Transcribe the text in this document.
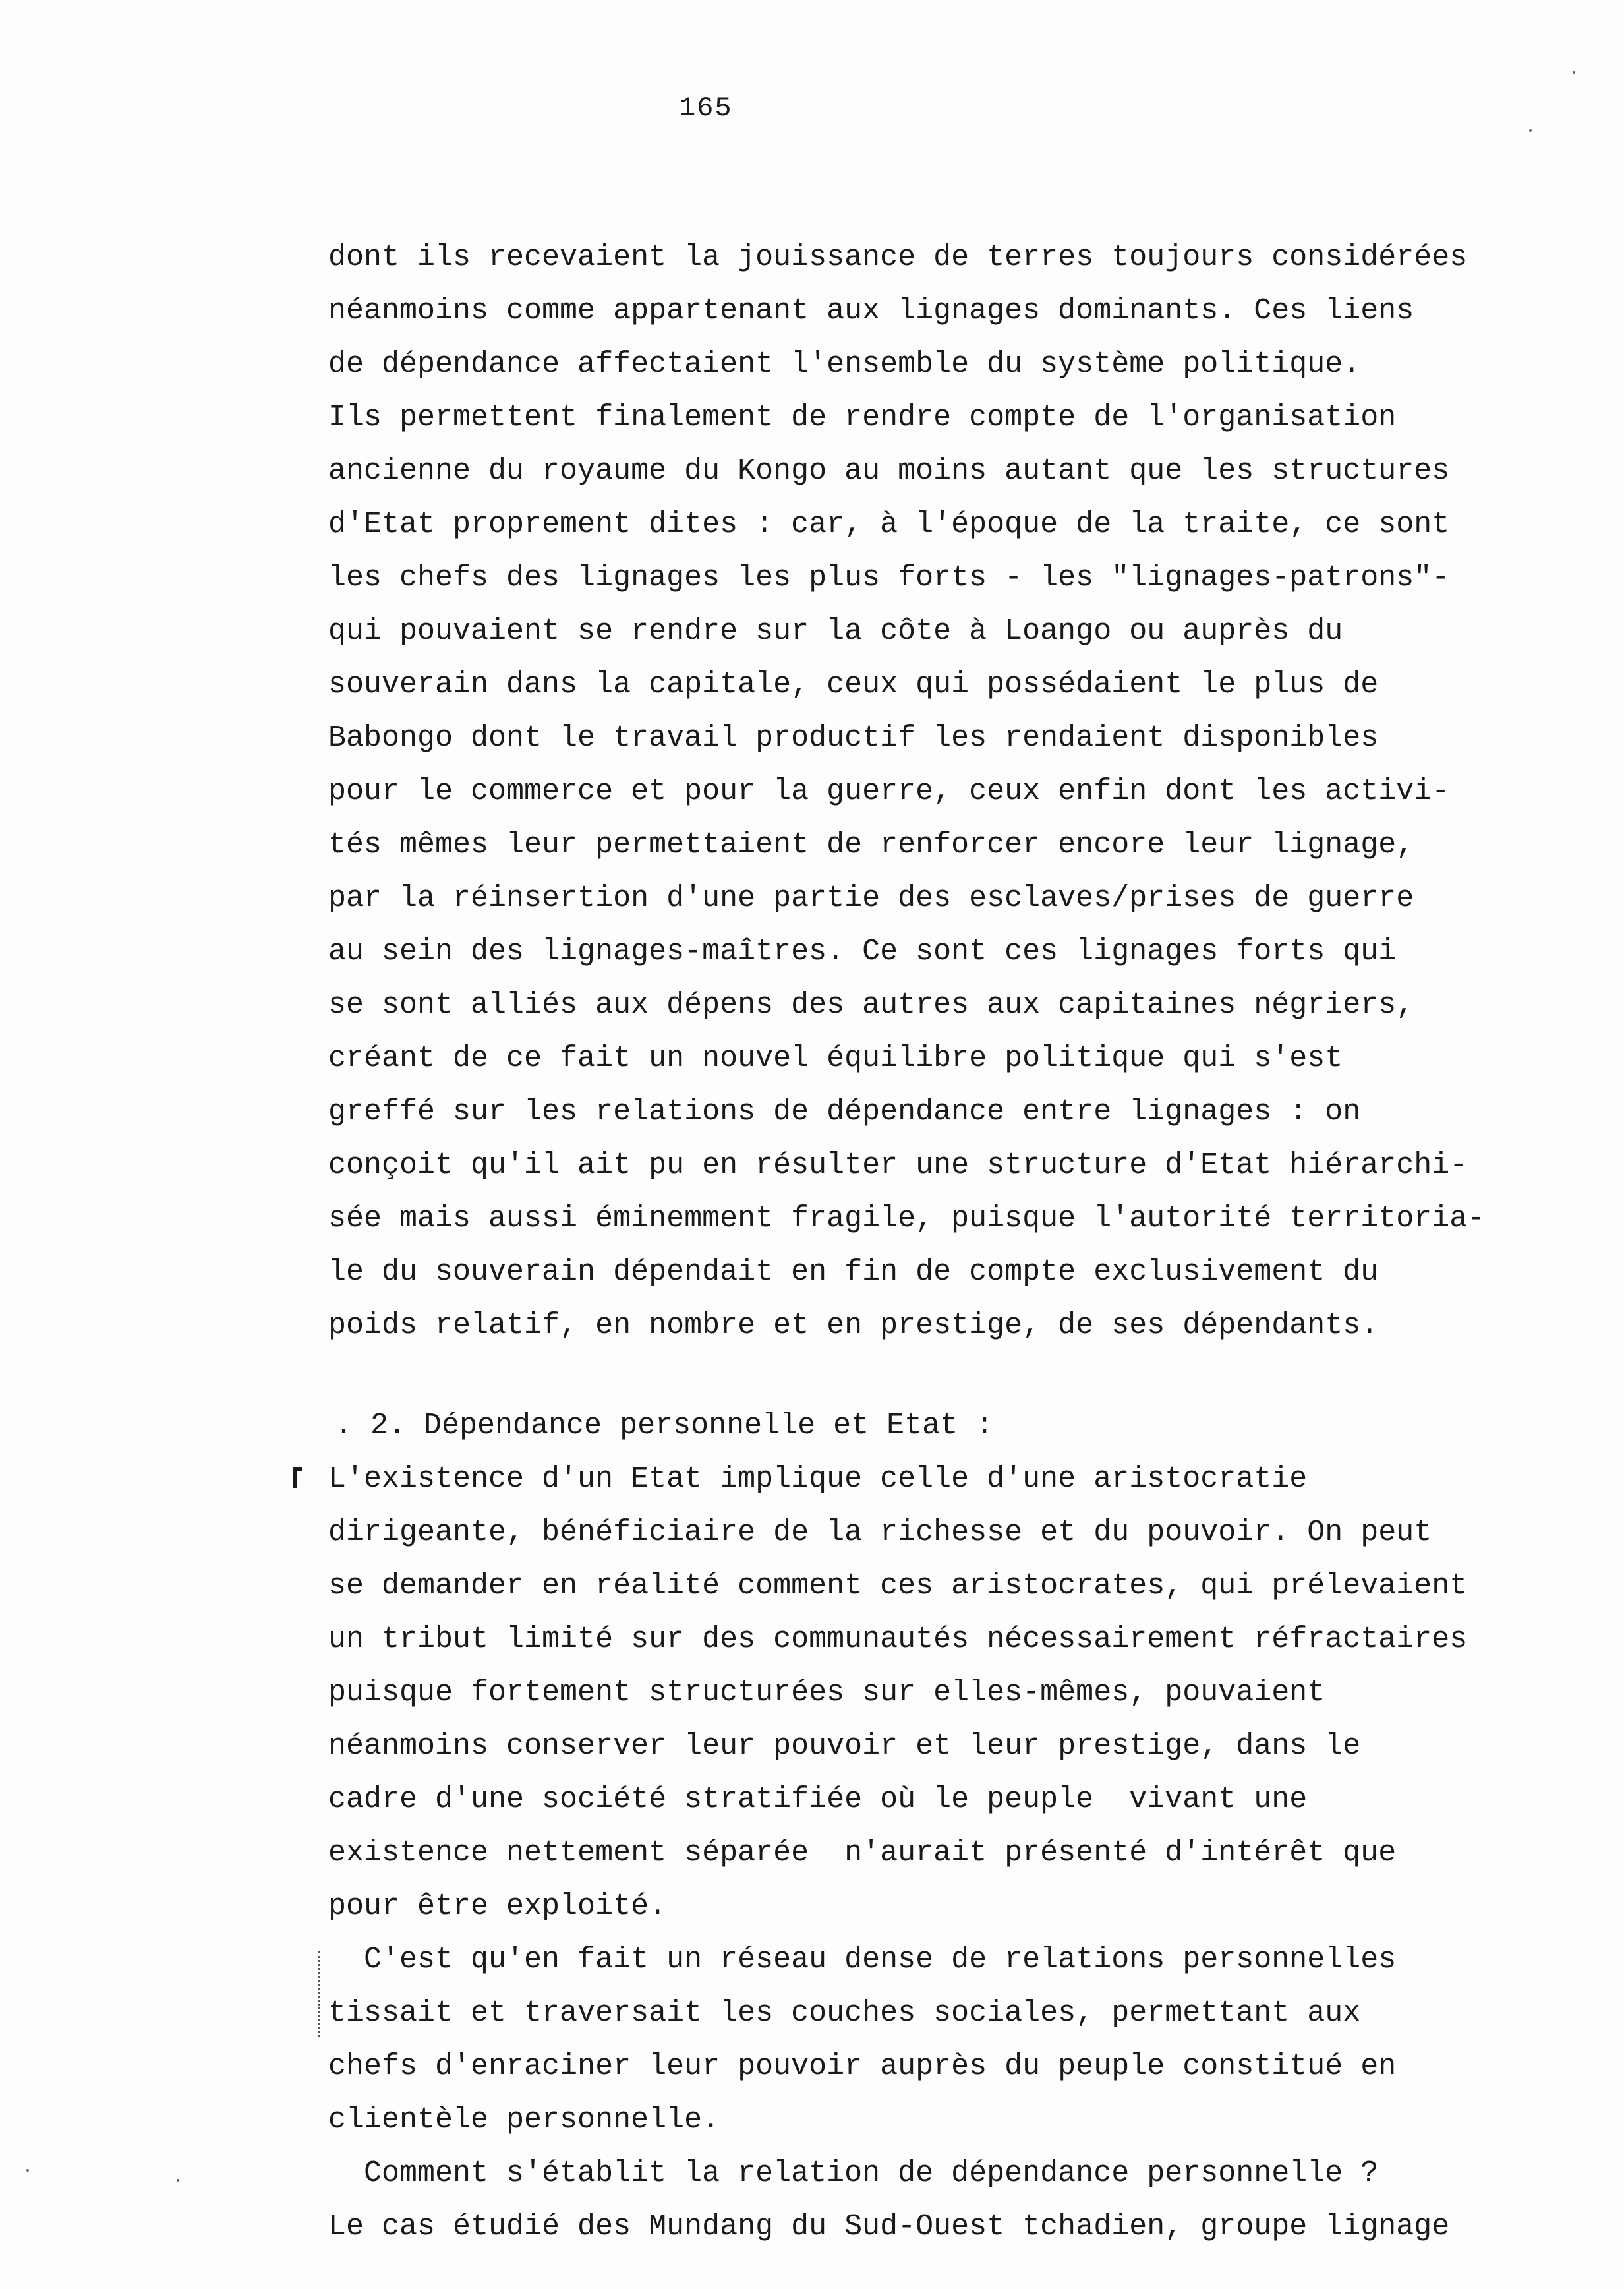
165
dont ils recevaient la jouissance de terres toujours considérées
néanmoins comme appartenant aux lignages dominants. Ces liens
de dépendance affectaient l'ensemble du système politique.
Ils permettent finalement de rendre compte de l'organisation
ancienne du royaume du Kongo au moins autant que les structures
d'Etat proprement dites : car, à l'époque de la traite, ce sont
les chefs des lignages les plus forts - les "lignages-patrons"-
qui pouvaient se rendre sur la côte à Loango ou auprès du
souverain dans la capitale, ceux qui possédaient le plus de
Babongo dont le travail productif les rendaient disponibles
pour le commerce et pour la guerre, ceux enfin dont les activi-
tés mêmes leur permettaient de renforcer encore leur lignage,
par la réinsertion d'une partie des esclaves/prises de guerre
au sein des lignages-maîtres. Ce sont ces lignages forts qui
se sont alliés aux dépens des autres aux capitaines négriers,
créant de ce fait un nouvel équilibre politique qui s'est
greffé sur les relations de dépendance entre lignages : on
conçoit qu'il ait pu en résulter une structure d'Etat hiérarchi-
sée mais aussi éminemment fragile, puisque l'autorité territoria-
le du souverain dépendait en fin de compte exclusivement du
poids relatif, en nombre et en prestige, de ses dépendants.
. 2. Dépendance personnelle et Etat :
L'existence d'un Etat implique celle d'une aristocratie
dirigeante, bénéficiaire de la richesse et du pouvoir. On peut
se demander en réalité comment ces aristocrates, qui prélevaient
un tribut limité sur des communautés nécessairement réfractaires
puisque fortement structurées sur elles-mêmes, pouvaient
néanmoins conserver leur pouvoir et leur prestige, dans le
cadre d'une société stratifiée où le peuple  vivant une
existence nettement séparée  n'aurait présenté d'intérêt que
pour être exploité.
C'est qu'en fait un réseau dense de relations personnelles
tissait et traversait les couches sociales, permettant aux
chefs d'enraciner leur pouvoir auprès du peuple constitué en
clientèle personnelle.
Comment s'établit la relation de dépendance personnelle ?
Le cas étudié des Mundang du Sud-Ouest tchadien, groupe lignage
